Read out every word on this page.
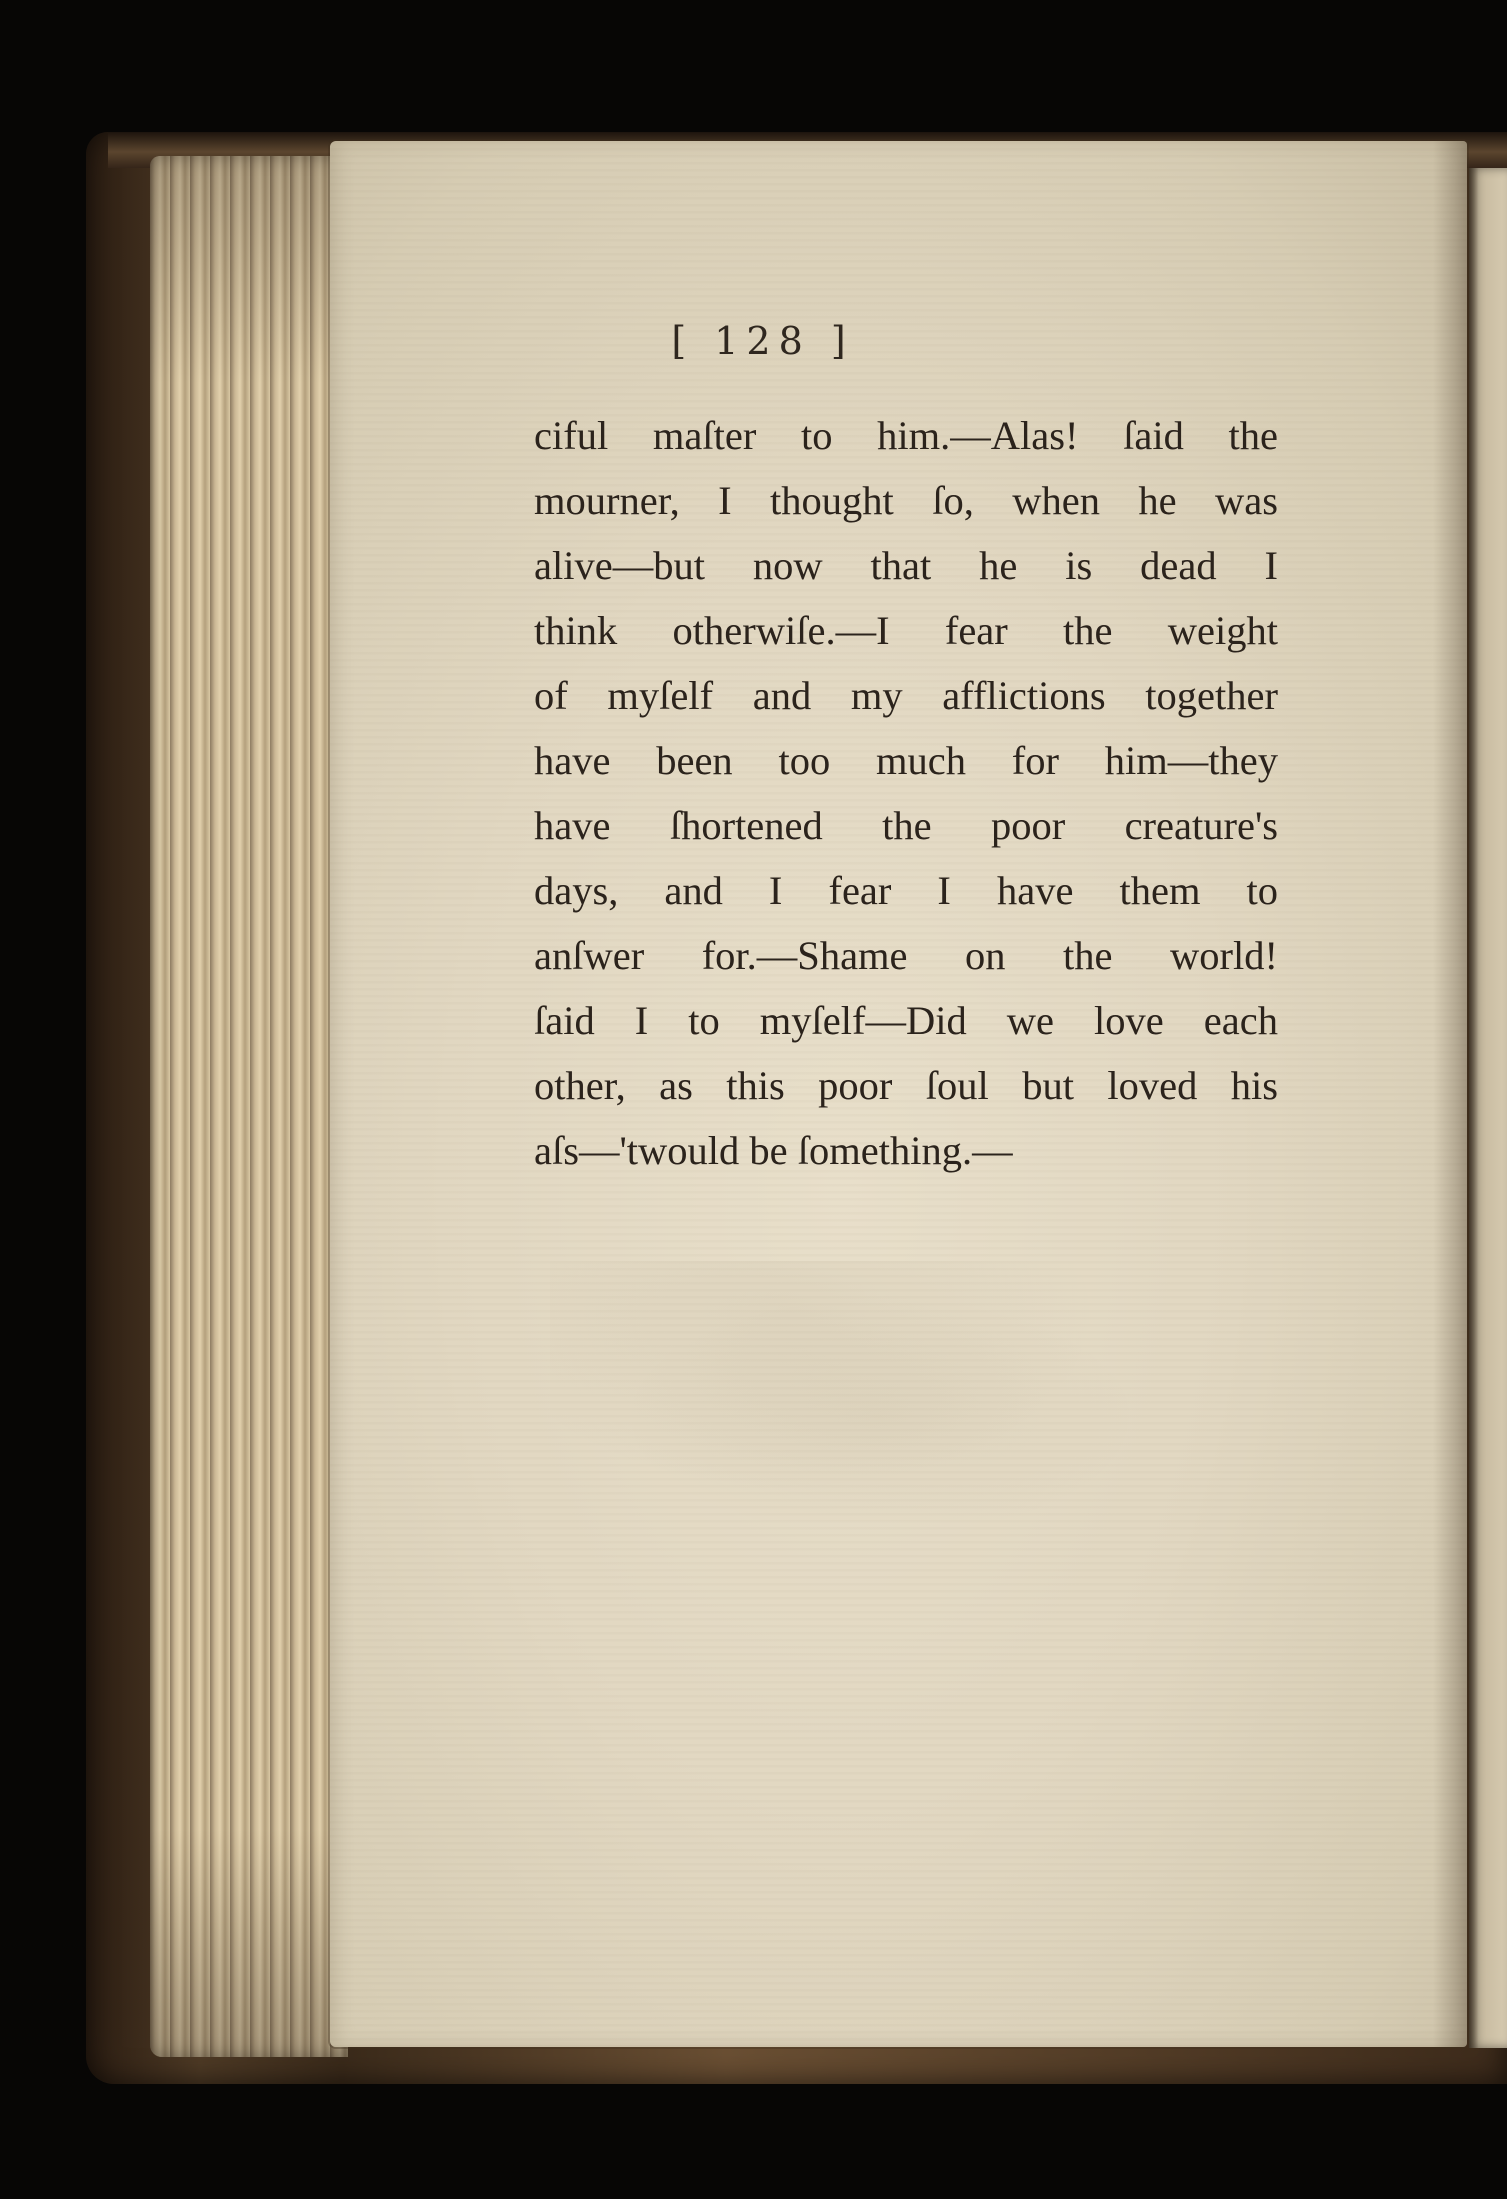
[ 128 ]
ciful maſter to him.—Alas! ſaid the
mourner, I thought ſo, when he was
alive—but now that he is dead I
think otherwiſe.—I fear the weight
of myſelf and my afflictions together
have been too much for him—they
have ſhortened the poor creature's
days, and I fear I have them to
anſwer for.—Shame on the world!
ſaid I to myſelf—Did we love each
other, as this poor ſoul but loved his
aſs—'twould be ſomething.—
